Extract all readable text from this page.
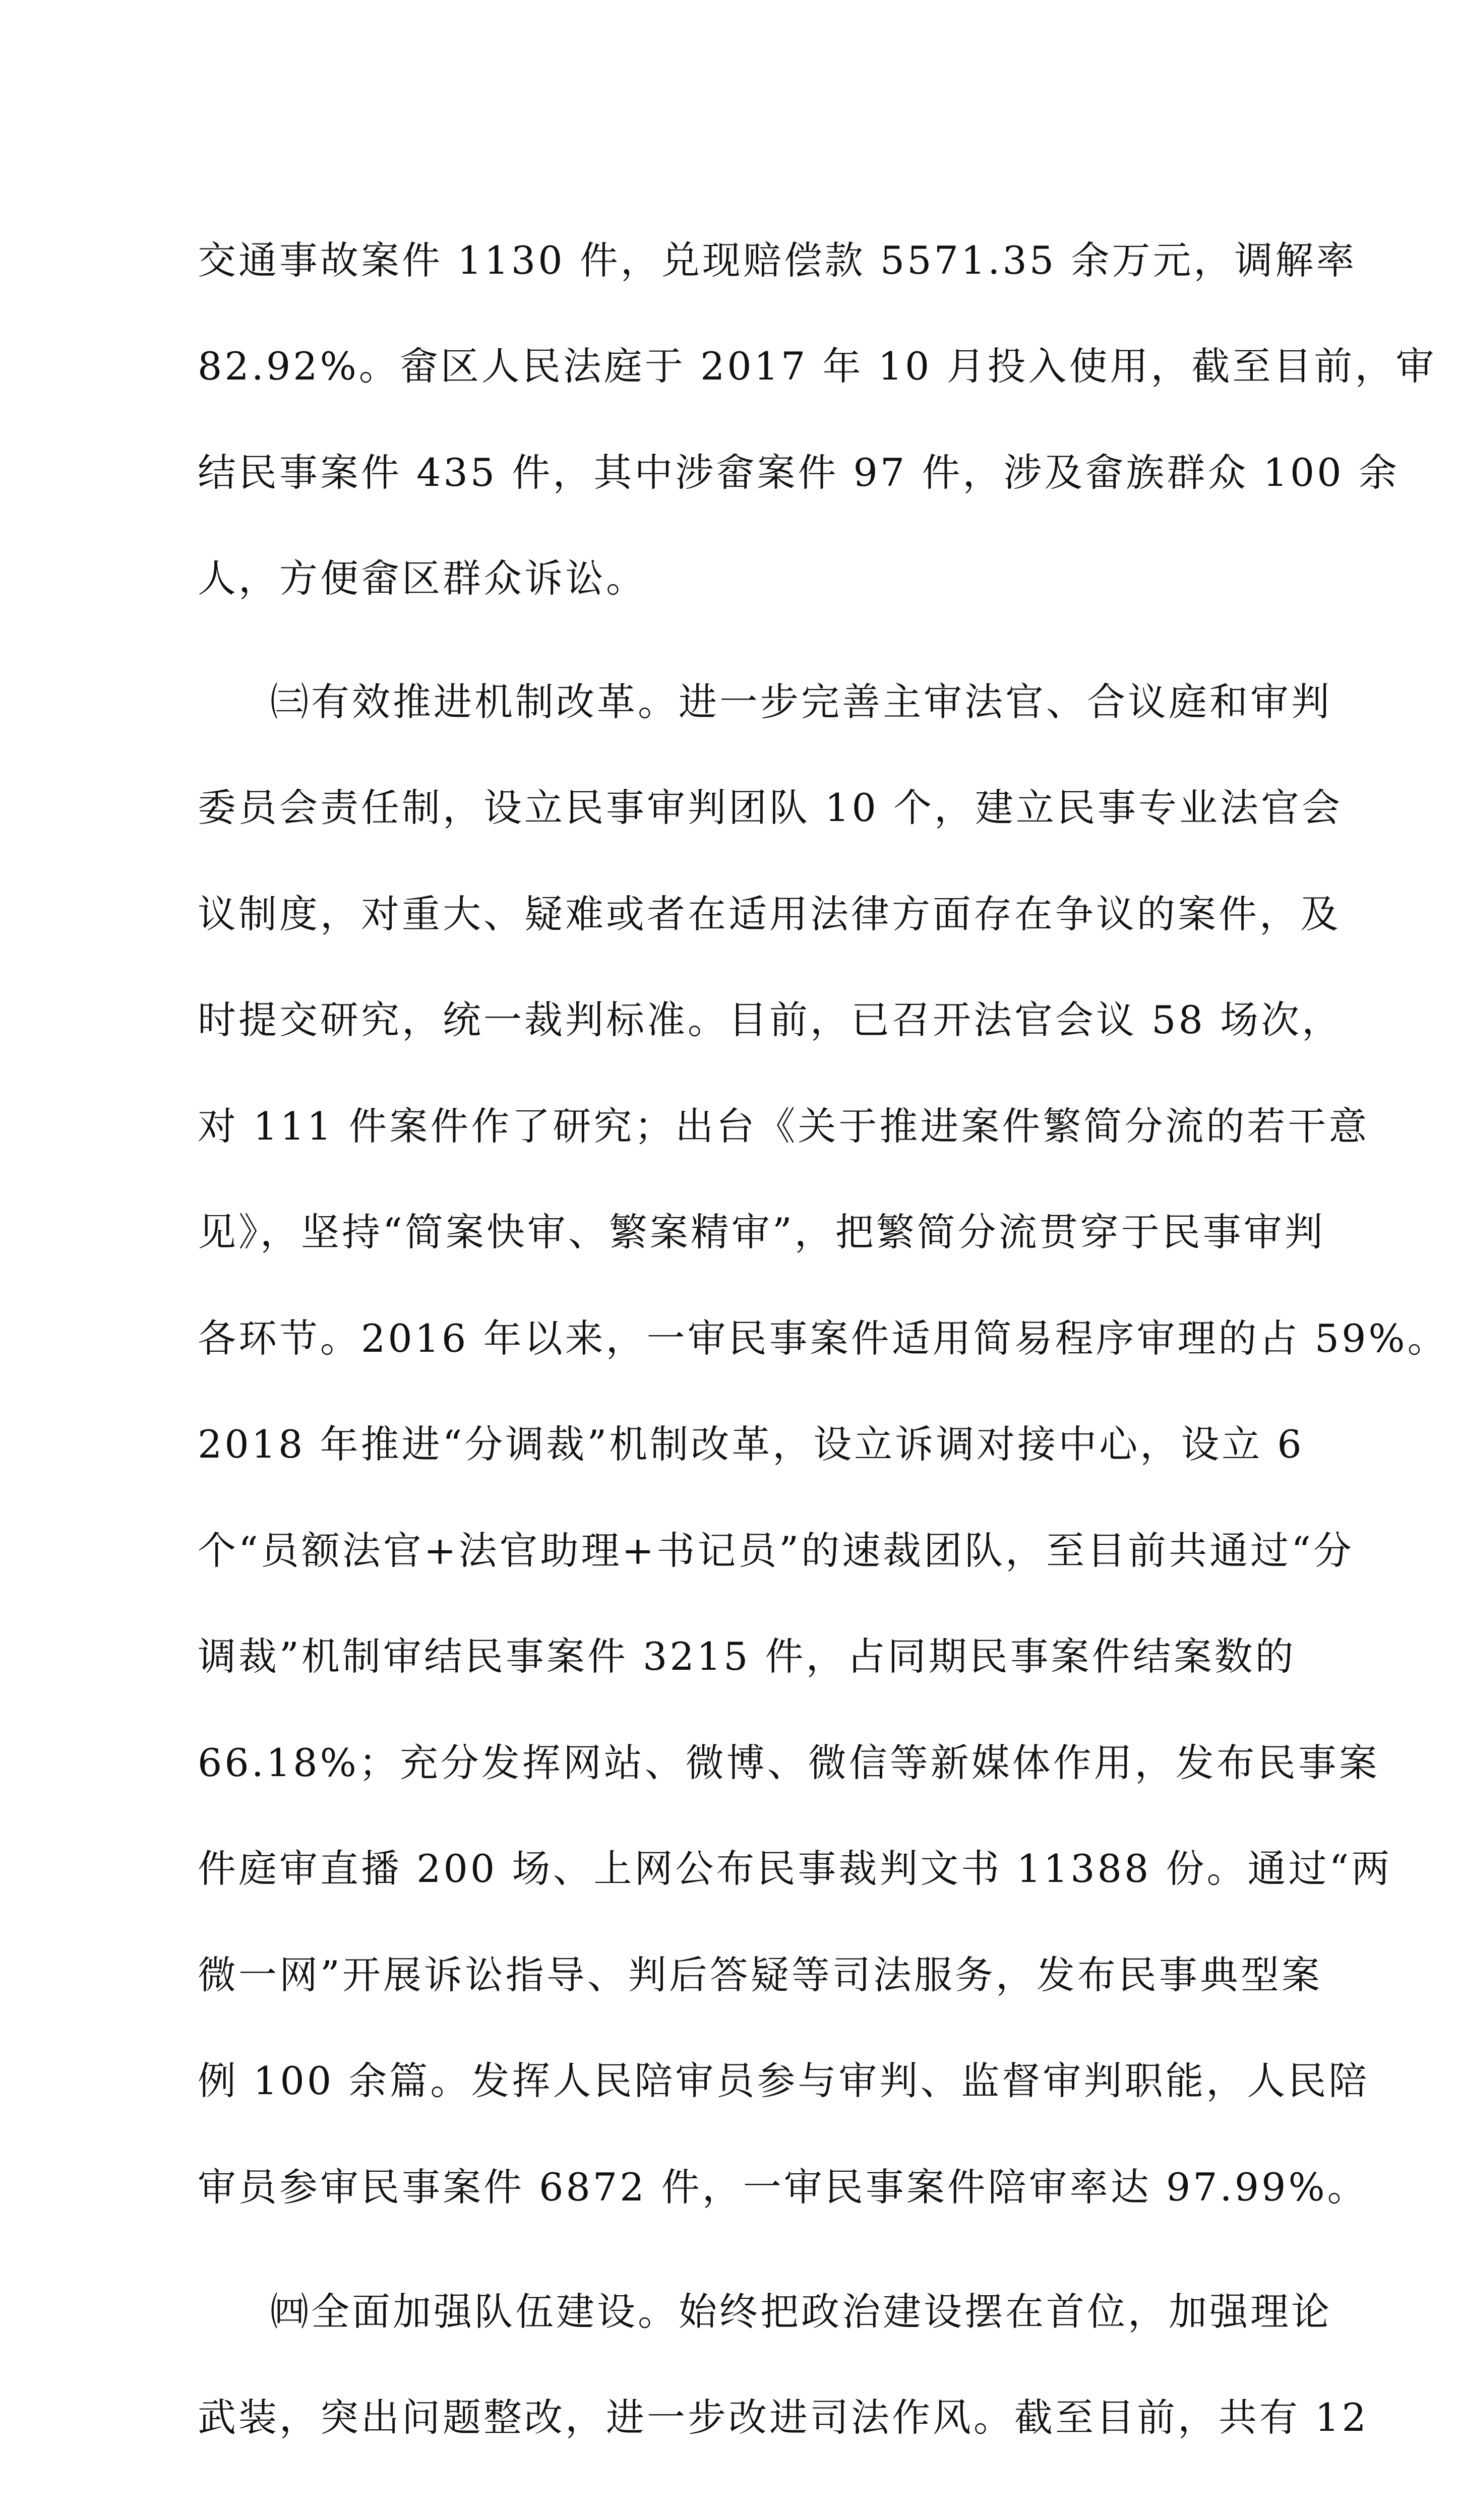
交通事故案件 1130 件，兑现赔偿款 5571.35 余万元，调解率

82.92%。畲区人民法庭于 2017 年 10 月投入使用，截至目前，审

结民事案件 435 件，其中涉畲案件 97 件，涉及畲族群众 100 余

人，方便畲区群众诉讼。

㈢有效推进机制改革。进一步完善主审法官、合议庭和审判

委员会责任制，设立民事审判团队 10 个，建立民事专业法官会

议制度，对重大、疑难或者在适用法律方面存在争议的案件，及

时提交研究，统一裁判标准。目前，已召开法官会议 58 场次，

对 111 件案件作了研究；出台《关于推进案件繁简分流的若干意

见》，坚持“简案快审、繁案精审”，把繁简分流贯穿于民事审判

各环节。2016 年以来，一审民事案件适用简易程序审理的占 59%。

2018 年推进“分调裁”机制改革，设立诉调对接中心，设立 6

个“员额法官+法官助理+书记员”的速裁团队，至目前共通过“分

调裁”机制审结民事案件 3215 件，占同期民事案件结案数的

66.18%；充分发挥网站、微博、微信等新媒体作用，发布民事案

件庭审直播 200 场、上网公布民事裁判文书 11388 份。通过“两

微一网”开展诉讼指导、判后答疑等司法服务，发布民事典型案

例 100 余篇。发挥人民陪审员参与审判、监督审判职能，人民陪

审员参审民事案件 6872 件，一审民事案件陪审率达 97.99%。

㈣全面加强队伍建设。始终把政治建设摆在首位，加强理论

武装，突出问题整改，进一步改进司法作风。截至目前，共有 12
